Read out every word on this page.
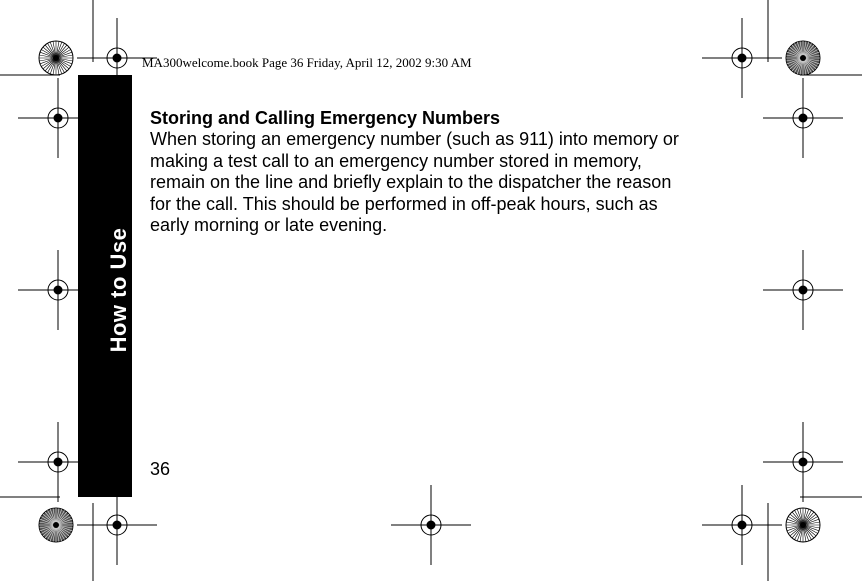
MA300welcome.book Page 36 Friday, April 12, 2002 9:30 AM
How to Use

Storing and Calling Emergency Numbers

When storing an emergency number (such as 911) into memory or making a test call to an emergency number stored in memory, remain on the line and briefly explain to the dispatcher the reason for the call. This should be performed in off-peak hours, such as early morning or late evening.

36
